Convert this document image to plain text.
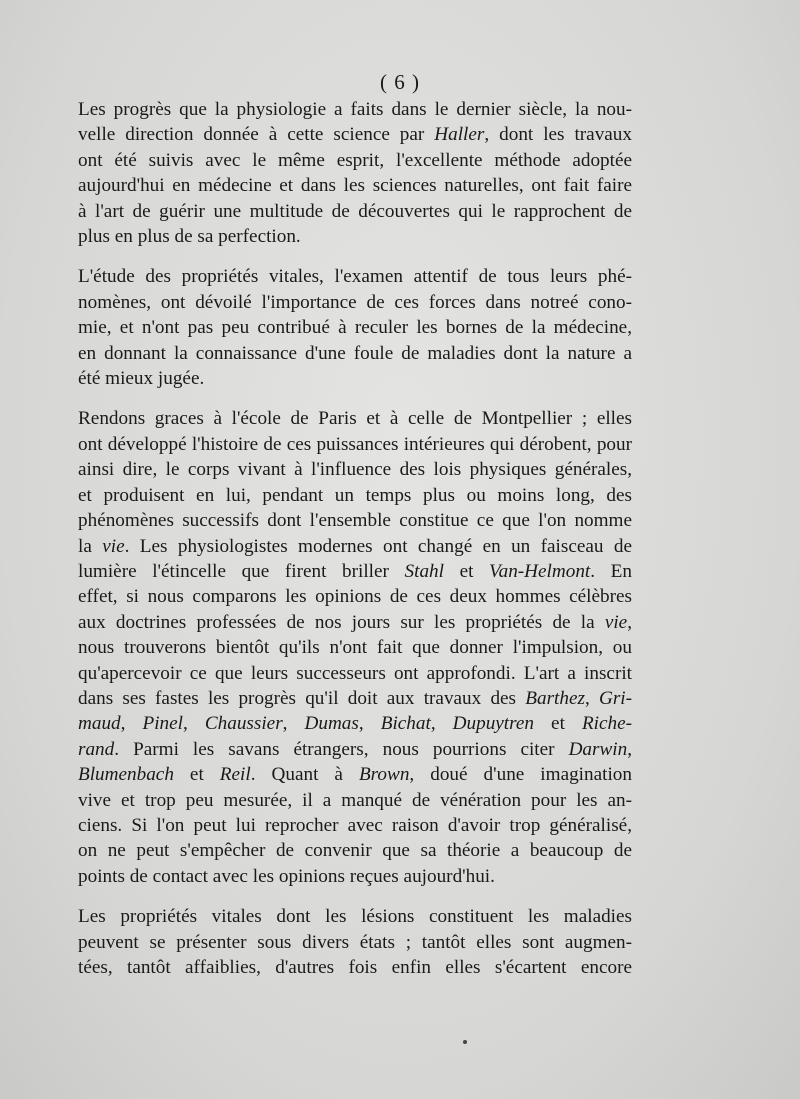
( 6 )

Les progrès que la physiologie a faits dans le dernier siècle, la nou-
velle direction donnée à cette science par Haller, dont les travaux
ont été suivis avec le même esprit, l'excellente méthode adoptée
aujourd'hui en médecine et dans les sciences naturelles, ont fait faire
à l'art de guérir une multitude de découvertes qui le rapprochent de
plus en plus de sa perfection.

L'étude des propriétés vitales, l'examen attentif de tous leurs phé-
nomènes, ont dévoilé l'importance de ces forces dans notreé cono-
mie, et n'ont pas peu contribué à reculer les bornes de la médecine,
en donnant la connaissance d'une foule de maladies dont la nature a
été mieux jugée.

Rendons graces à l'école de Paris et à celle de Montpellier ; elles
ont développé l'histoire de ces puissances intérieures qui dérobent, pour
ainsi dire, le corps vivant à l'influence des lois physiques générales,
et produisent en lui, pendant un temps plus ou moins long, des
phénomènes successifs dont l'ensemble constitue ce que l'on nomme
la vie. Les physiologistes modernes ont changé en un faisceau de
lumière l'étincelle que firent briller Stahl et Van-Helmont. En
effet, si nous comparons les opinions de ces deux hommes célèbres
aux doctrines professées de nos jours sur les propriétés de la vie,
nous trouverons bientôt qu'ils n'ont fait que donner l'impulsion, ou
qu'apercevoir ce que leurs successeurs ont approfondi. L'art a inscrit
dans ses fastes les progrès qu'il doit aux travaux des Barthez, Gri-
maud, Pinel, Chaussier, Dumas, Bichat, Dupuytren et Riche-
rand. Parmi les savans étrangers, nous pourrions citer Darwin,
Blumenbach et Reil. Quant à Brown, doué d'une imagination
vive et trop peu mesurée, il a manqué de vénération pour les an-
ciens. Si l'on peut lui reprocher avec raison d'avoir trop généralisé,
on ne peut s'empêcher de convenir que sa théorie a beaucoup de
points de contact avec les opinions reçues aujourd'hui.

Les propriétés vitales dont les lésions constituent les maladies
peuvent se présenter sous divers états ; tantôt elles sont augmen-
tées, tantôt affaiblies, d'autres fois enfin elles s'écartent encore
